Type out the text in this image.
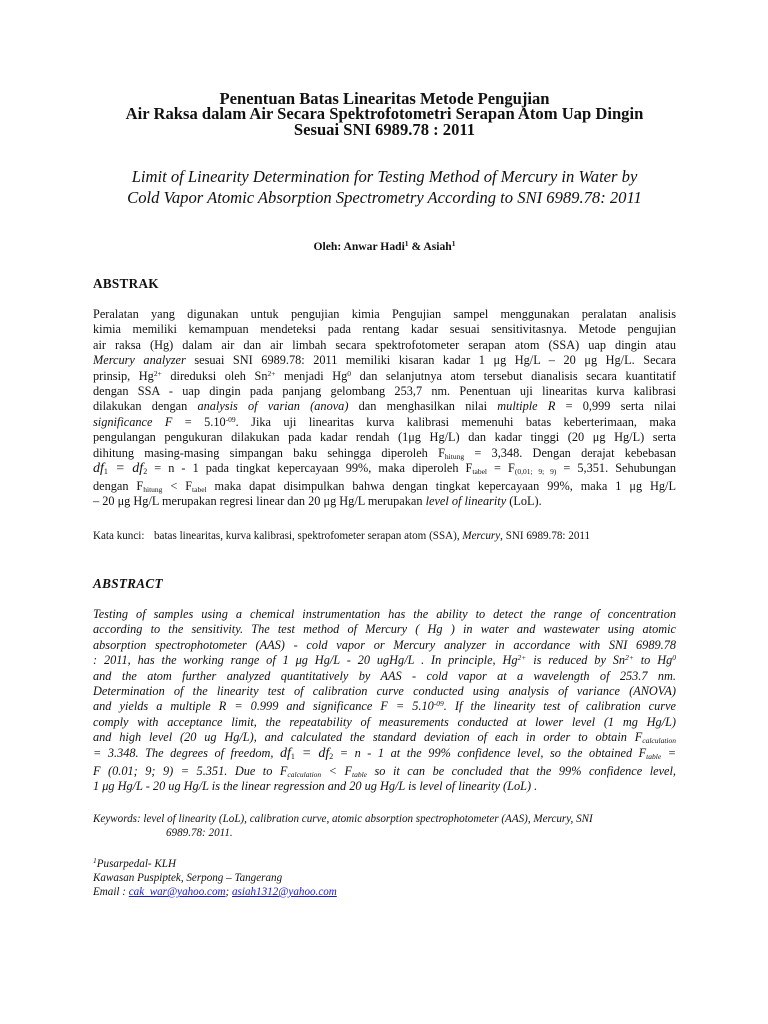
Penentuan Batas Linearitas Metode Pengujian
Air Raksa dalam Air Secara Spektrofotometri Serapan Atom Uap Dingin
Sesuai SNI 6989.78 : 2011
Limit of Linearity Determination for Testing Method of Mercury in Water by
Cold Vapor Atomic Absorption Spectrometry According to SNI 6989.78: 2011
Oleh: Anwar Hadi$^1$ & Asiah$^1$
ABSTRAK
Peralatan yang digunakan untuk pengujian kimia Pengujian sampel menggunakan peralatan analisis
kimia memiliki kemampuan mendeteksi pada rentang kadar sesuai sensitivitasnya. Metode pengujian
air raksa (Hg) dalam air dan air limbah secara spektrofotometer serapan atom (SSA) uap dingin atau
Mercury analyzer sesuai SNI 6989.78: 2011 memiliki kisaran kadar 1 μg Hg/L – 20 μg Hg/L. Secara
prinsip, $Hg^{2+}$ direduksi oleh $Sn^{2+}$ menjadi Hg$^0$ dan selanjutnya atom tersebut dianalisis secara kuantitatif
dengan SSA - uap dingin pada panjang gelombang 253,7 nm. Penentuan uji linearitas kurva kalibrasi
dilakukan dengan analysis of varian (anova) dan menghasilkan nilai multiple R = 0,999 serta nilai
significance $F = 5.10^{-09}$. Jika uji linearitas kurva kalibrasi memenuhi batas keberterimaan, maka
pengulangan pengukuran dilakukan pada kadar rendah (1μg Hg/L) dan kadar tinggi (20 μg Hg/L) serta
dihitung masing-masing simpangan baku sehingga diperoleh $F_{hitung} = 3,348$. Dengan derajat kebebasan
$df_1 = df_2 = n - 1$ pada tingkat kepercayaan 99%, maka diperoleh $F_{tabel} = F_{(0,01; 9; 9)} = 5,351$. Sehubungan
dengan $F_{hitung} < F_{tabel}$ maka dapat disimpulkan bahwa dengan tingkat kepercayaan 99%, maka 1 μg Hg/L
– 20 μg Hg/L merupakan regresi linear dan 20 μg Hg/L merupakan level of linearity (LoL).
Kata kunci: batas linearitas, kurva kalibrasi, spektrofometer serapan atom (SSA), Mercury, SNI 6989.78: 2011
ABSTRACT
Testing of samples using a chemical instrumentation has the ability to detect the range of concentration
according to the sensitivity. The test method of Mercury ( Hg ) in water and wastewater using atomic
absorption spectrophotometer (AAS) - cold vapor or Mercury analyzer in accordance with SNI 6989.78
: 2011, has the working range of 1 μg Hg/L - 20 ugHg/L . In principle, $Hg^{2+}$ is reduced by $Sn^{2+}$ to Hg$^0$
and the atom further analyzed quantitatively by AAS - cold vapor at a wavelength of 253.7 nm.
Determination of the linearity test of calibration curve conducted using analysis of variance (ANOVA)
and yields a multiple R = 0.999 and significance $F = 5.10^{-09}$. If the linearity test of calibration curve
comply with acceptance limit, the repeatability of measurements conducted at lower level (1 mg Hg/L)
and high level (20 ug Hg/L), and calculated the standard deviation of each in order to obtain $F_{calculation}$
= 3.348. The degrees of freedom, $df_1 = df_2 = n - 1$ at the 99% confidence level, so the obtained $F_{table}$ =
F (0.01; 9; 9) = 5.351. Due to $F_{calculation} < F_{table}$ so it can be concluded that the 99% confidence level,
1 μg Hg/L - 20 ug Hg/L is the linear regression and 20 ug Hg/L is level of linearity (LoL) .
Keywords: level of linearity (LoL), calibration curve, atomic absorption spectrophotometer (AAS), Mercury, SNI
6989.78: 2011.
$^1$Pusarpedal- KLH
Kawasan Puspiptek, Serpong – Tangerang
Email : cak_war@yahoo.com; asiah1312@yahoo.com
